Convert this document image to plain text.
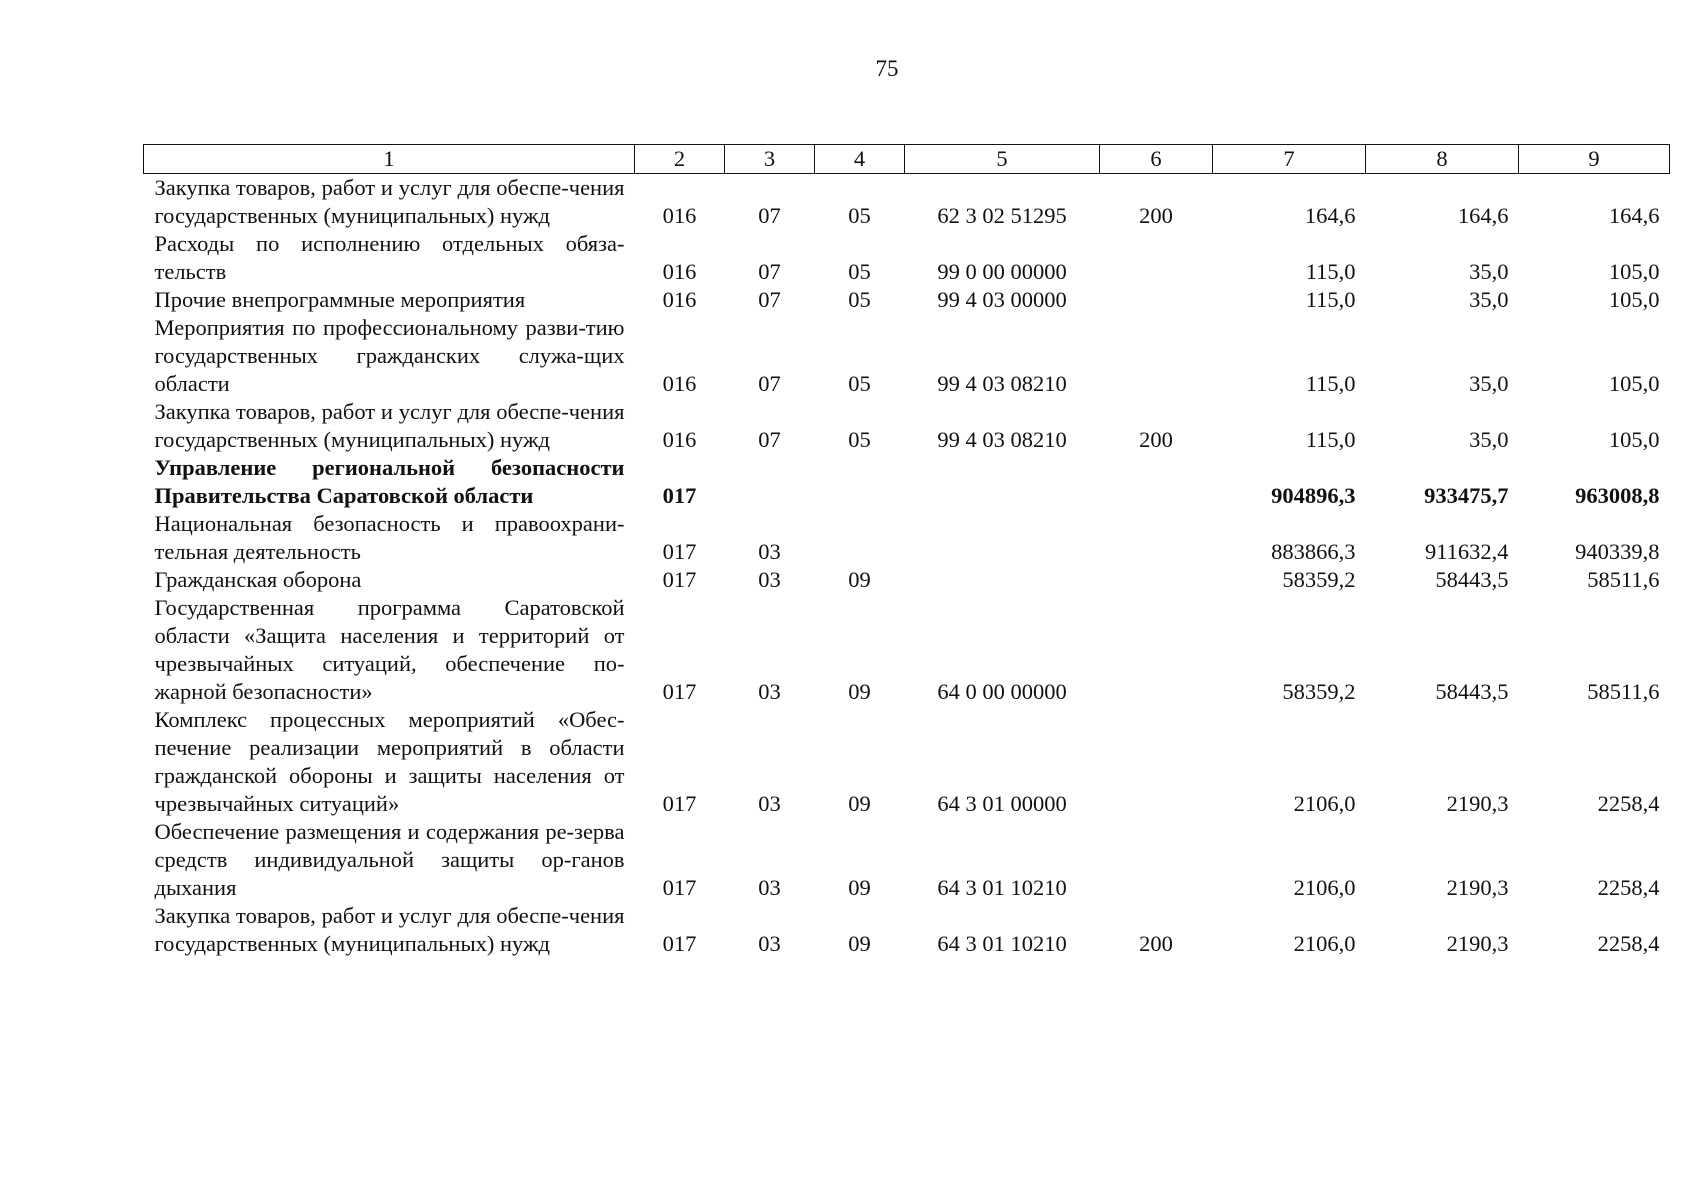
75
1	2	3	4	5	6	7	8	9
Закупка товаров, работ и услуг для обеспе-чения государственных (муниципальных) нужд	016	07	05	62 3 02 51295	200	164,6	164,6	164,6
Расходы по исполнению отдельных обяза-тельств	016	07	05	99 0 00 00000		115,0	35,0	105,0
Прочие внепрограммные мероприятия	016	07	05	99 4 03 00000		115,0	35,0	105,0
Мероприятия по профессиональному разви-тию государственных гражданских служа-щих области	016	07	05	99 4 03 08210		115,0	35,0	105,0
Закупка товаров, работ и услуг для обеспе-чения государственных (муниципальных) нужд	016	07	05	99 4 03 08210	200	115,0	35,0	105,0
Управление региональной безопасности Правительства Саратовской области	017					904896,3	933475,7	963008,8
Национальная безопасность и правоохрани-тельная деятельность	017	03				883866,3	911632,4	940339,8
Гражданская оборона	017	03	09			58359,2	58443,5	58511,6
Государственная программа Саратовской области «Защита населения и территорий от чрезвычайных ситуаций, обеспечение по-жарной безопасности»	017	03	09	64 0 00 00000		58359,2	58443,5	58511,6
Комплекс процессных мероприятий «Обес-печение реализации мероприятий в области гражданской обороны и защиты населения от чрезвычайных ситуаций»	017	03	09	64 3 01 00000		2106,0	2190,3	2258,4
Обеспечение размещения и содержания ре-зерва средств индивидуальной защиты ор-ганов дыхания	017	03	09	64 3 01 10210		2106,0	2190,3	2258,4
Закупка товаров, работ и услуг для обеспе-чения государственных (муниципальных) нужд	017	03	09	64 3 01 10210	200	2106,0	2190,3	2258,4
